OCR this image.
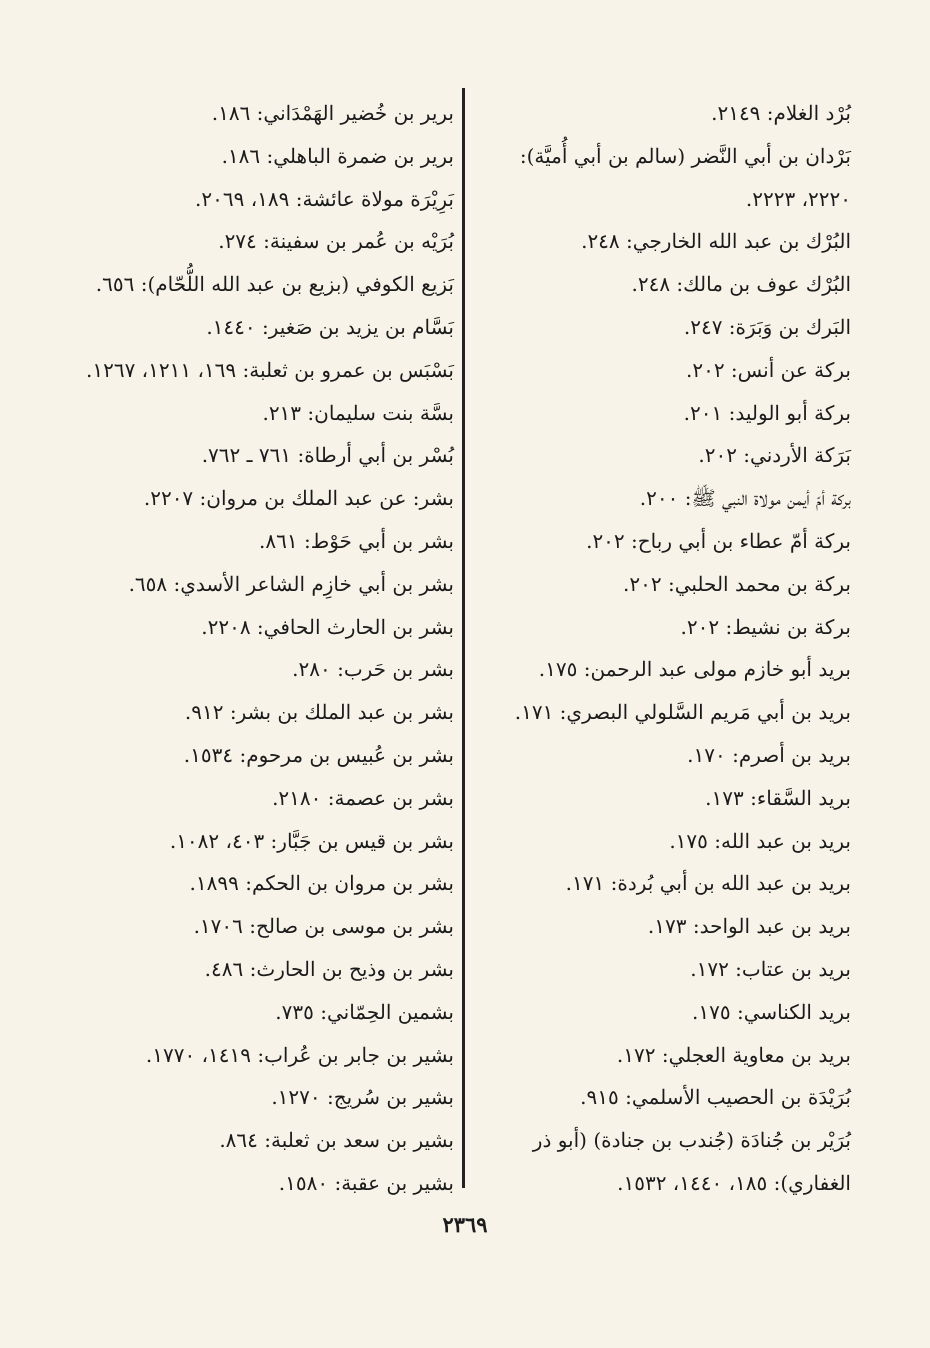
بُرْد الغلام: ٢١٤٩.
بَرْدان بن أبي النَّضر (سالم بن أبي أُميَّة): ٢٢٢٠، ٢٢٢٣.
البُرْك بن عبد الله الخارجي: ٢٤٨.
البُرْك عوف بن مالك: ٢٤٨.
البَرك بن وَبَرَة: ٢٤٧.
بركة عن أنس: ٢٠٢.
بركة أبو الوليد: ٢٠١.
بَرَكة الأردني: ٢٠٢.
بركة أمّ أيمن مولاة النبي ﷺ: ٢٠٠.
بركة أمّ عطاء بن أبي رباح: ٢٠٢.
بركة بن محمد الحلبي: ٢٠٢.
بركة بن نشيط: ٢٠٢.
بريد أبو خازم مولى عبد الرحمن: ١٧٥.
بريد بن أبي مَريم السَّلولي البصري: ١٧١.
بريد بن أصرم: ١٧٠.
بريد السَّقاء: ١٧٣.
بريد بن عبد الله: ١٧٥.
بريد بن عبد الله بن أبي بُردة: ١٧١.
بريد بن عبد الواحد: ١٧٣.
بريد بن عتاب: ١٧٢.
بريد الكناسي: ١٧٥.
بريد بن معاوية العجلي: ١٧٢.
بُرَيْدَة بن الحصيب الأسلمي: ٩١٥.
بُرَيْر بن جُنادَة (جُندب بن جنادة) (أبو ذر الغفاري): ١٨٥، ١٤٤٠، ١٥٣٢.
برير بن خُضير الهَمْدَاني: ١٨٦.
برير بن ضمرة الباهلي: ١٨٦.
بَرِيْرَة مولاة عائشة: ١٨٩، ٢٠٦٩.
بُرَيْه بن عُمر بن سفينة: ٢٧٤.
بَزيع الكوفي (بزيع بن عبد الله اللُّحّام): ٦٥٦.
بَسَّام بن يزيد بن صَغير: ١٤٤٠.
بَسْبَس بن عمرو بن ثعلبة: ١٦٩، ١٢١١، ١٢٦٧.
بسَّة بنت سليمان: ٢١٣.
بُسْر بن أبي أرطاة: ٧٦١ ـ ٧٦٢.
بشر: عن عبد الملك بن مروان: ٢٢٠٧.
بشر بن أبي حَوْط: ٨٦١.
بشر بن أبي خازِم الشاعر الأسدي: ٦٥٨.
بشر بن الحارث الحافي: ٢٢٠٨.
بشر بن حَرب: ٢٨٠.
بشر بن عبد الملك بن بشر: ٩١٢.
بشر بن عُبيس بن مرحوم: ١٥٣٤.
بشر بن عصمة: ٢١٨٠.
بشر بن قيس بن جَبَّار: ٤٠٣، ١٠٨٢.
بشر بن مروان بن الحكم: ١٨٩٩.
بشر بن موسى بن صالح: ١٧٠٦.
بشر بن وذيح بن الحارث: ٤٨٦.
بشمين الحِمّاني: ٧٣٥.
بشير بن جابر بن عُراب: ١٤١٩، ١٧٧٠.
بشير بن سُريج: ١٢٧٠.
بشير بن سعد بن ثعلبة: ٨٦٤.
بشير بن عقبة: ١٥٨٠.
٢٣٦٩
